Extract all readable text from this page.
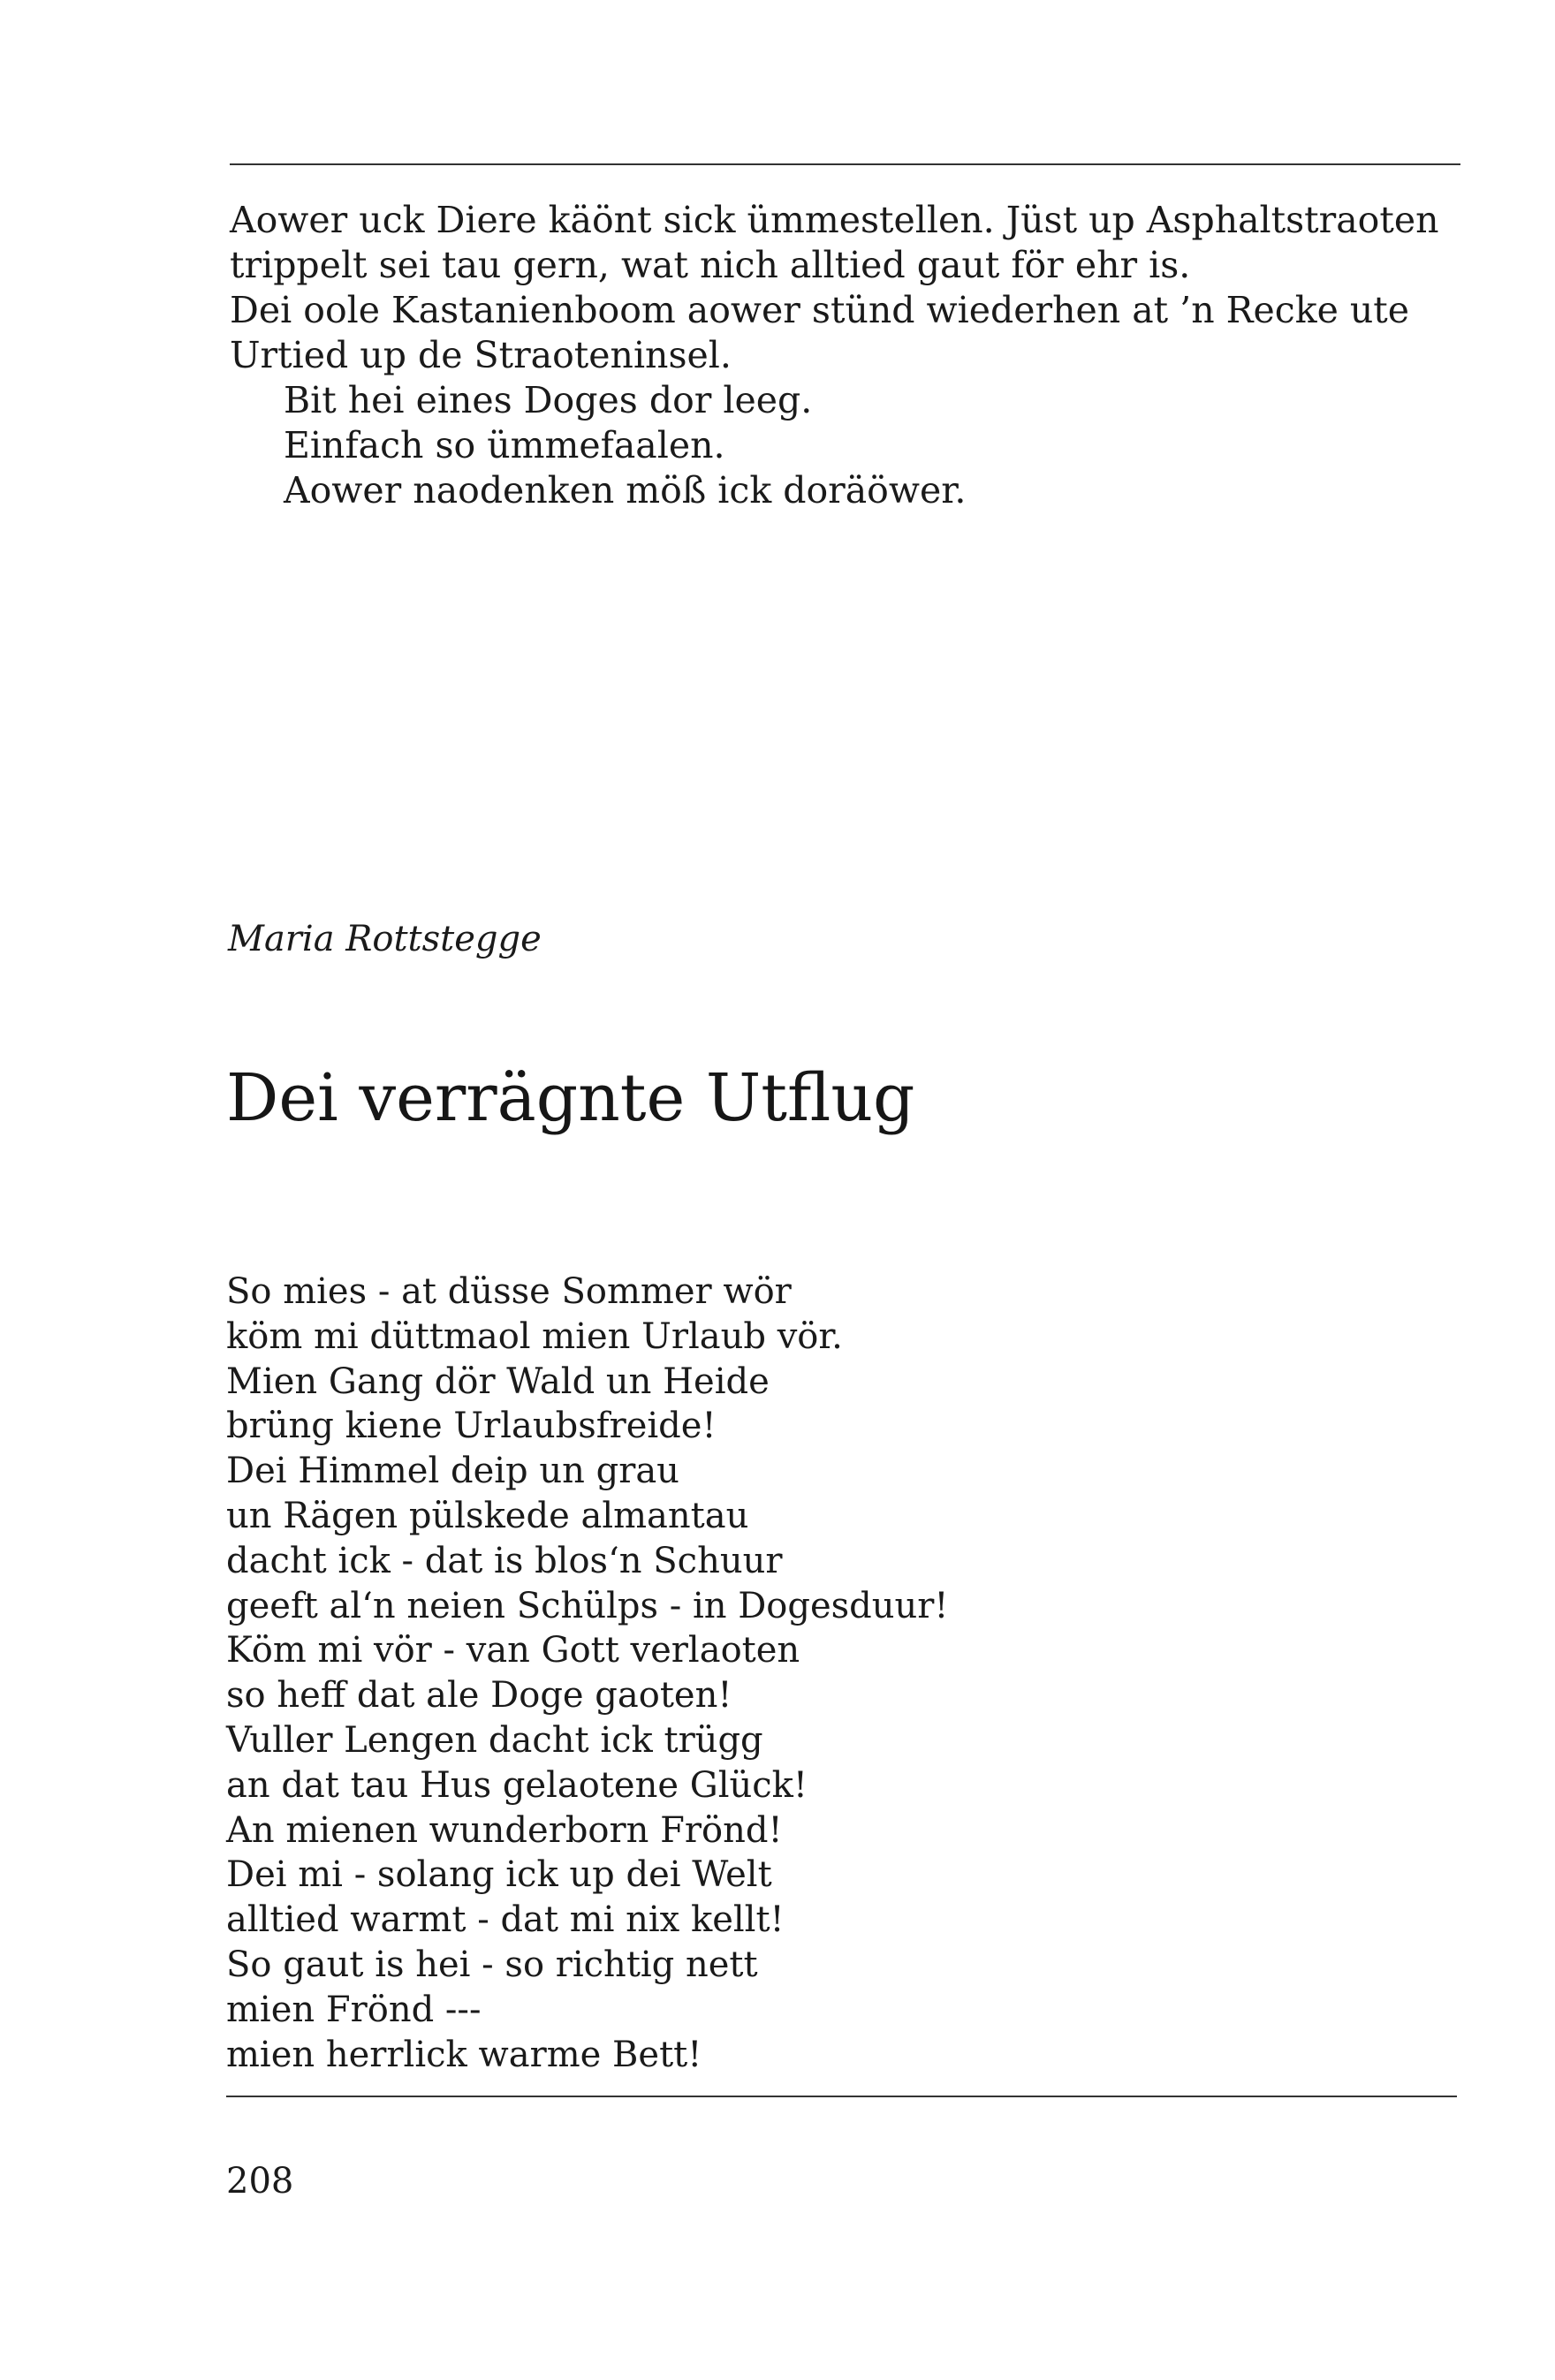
Aower uck Diere käönt sick ümmestellen. Jüst up Asphaltstraoten
trippelt sei tau gern, wat nich alltied gaut för ehr is.
Dei oole Kastanienboom aower stünd wiederhen at ’n Recke ute
Urtied up de Straoteninsel.
Bit hei eines Doges dor leeg.
Einfach so ümmefaalen.
Aower naodenken möß ick doräöwer.
Maria Rottstegge
Dei verrägnte Utflug
So mies - at düsse Sommer wör
köm mi düttmaol mien Urlaub vör.
Mien Gang dör Wald un Heide
brüng kiene Urlaubsfreide!
Dei Himmel deip un grau
un Rägen pülskede almantau
dacht ick - dat is blos‘n Schuur
geeft al‘n neien Schülps - in Dogesduur!
Köm mi vör - van Gott verlaoten
so heff dat ale Doge gaoten!
Vuller Lengen dacht ick trügg
an dat tau Hus gelaotene Glück!
An mienen wunderborn Frönd!
Dei mi - solang ick up dei Welt
alltied warmt - dat mi nix kellt!
So gaut is hei - so richtig nett
mien Frönd ---
mien herrlick warme Bett!
208
